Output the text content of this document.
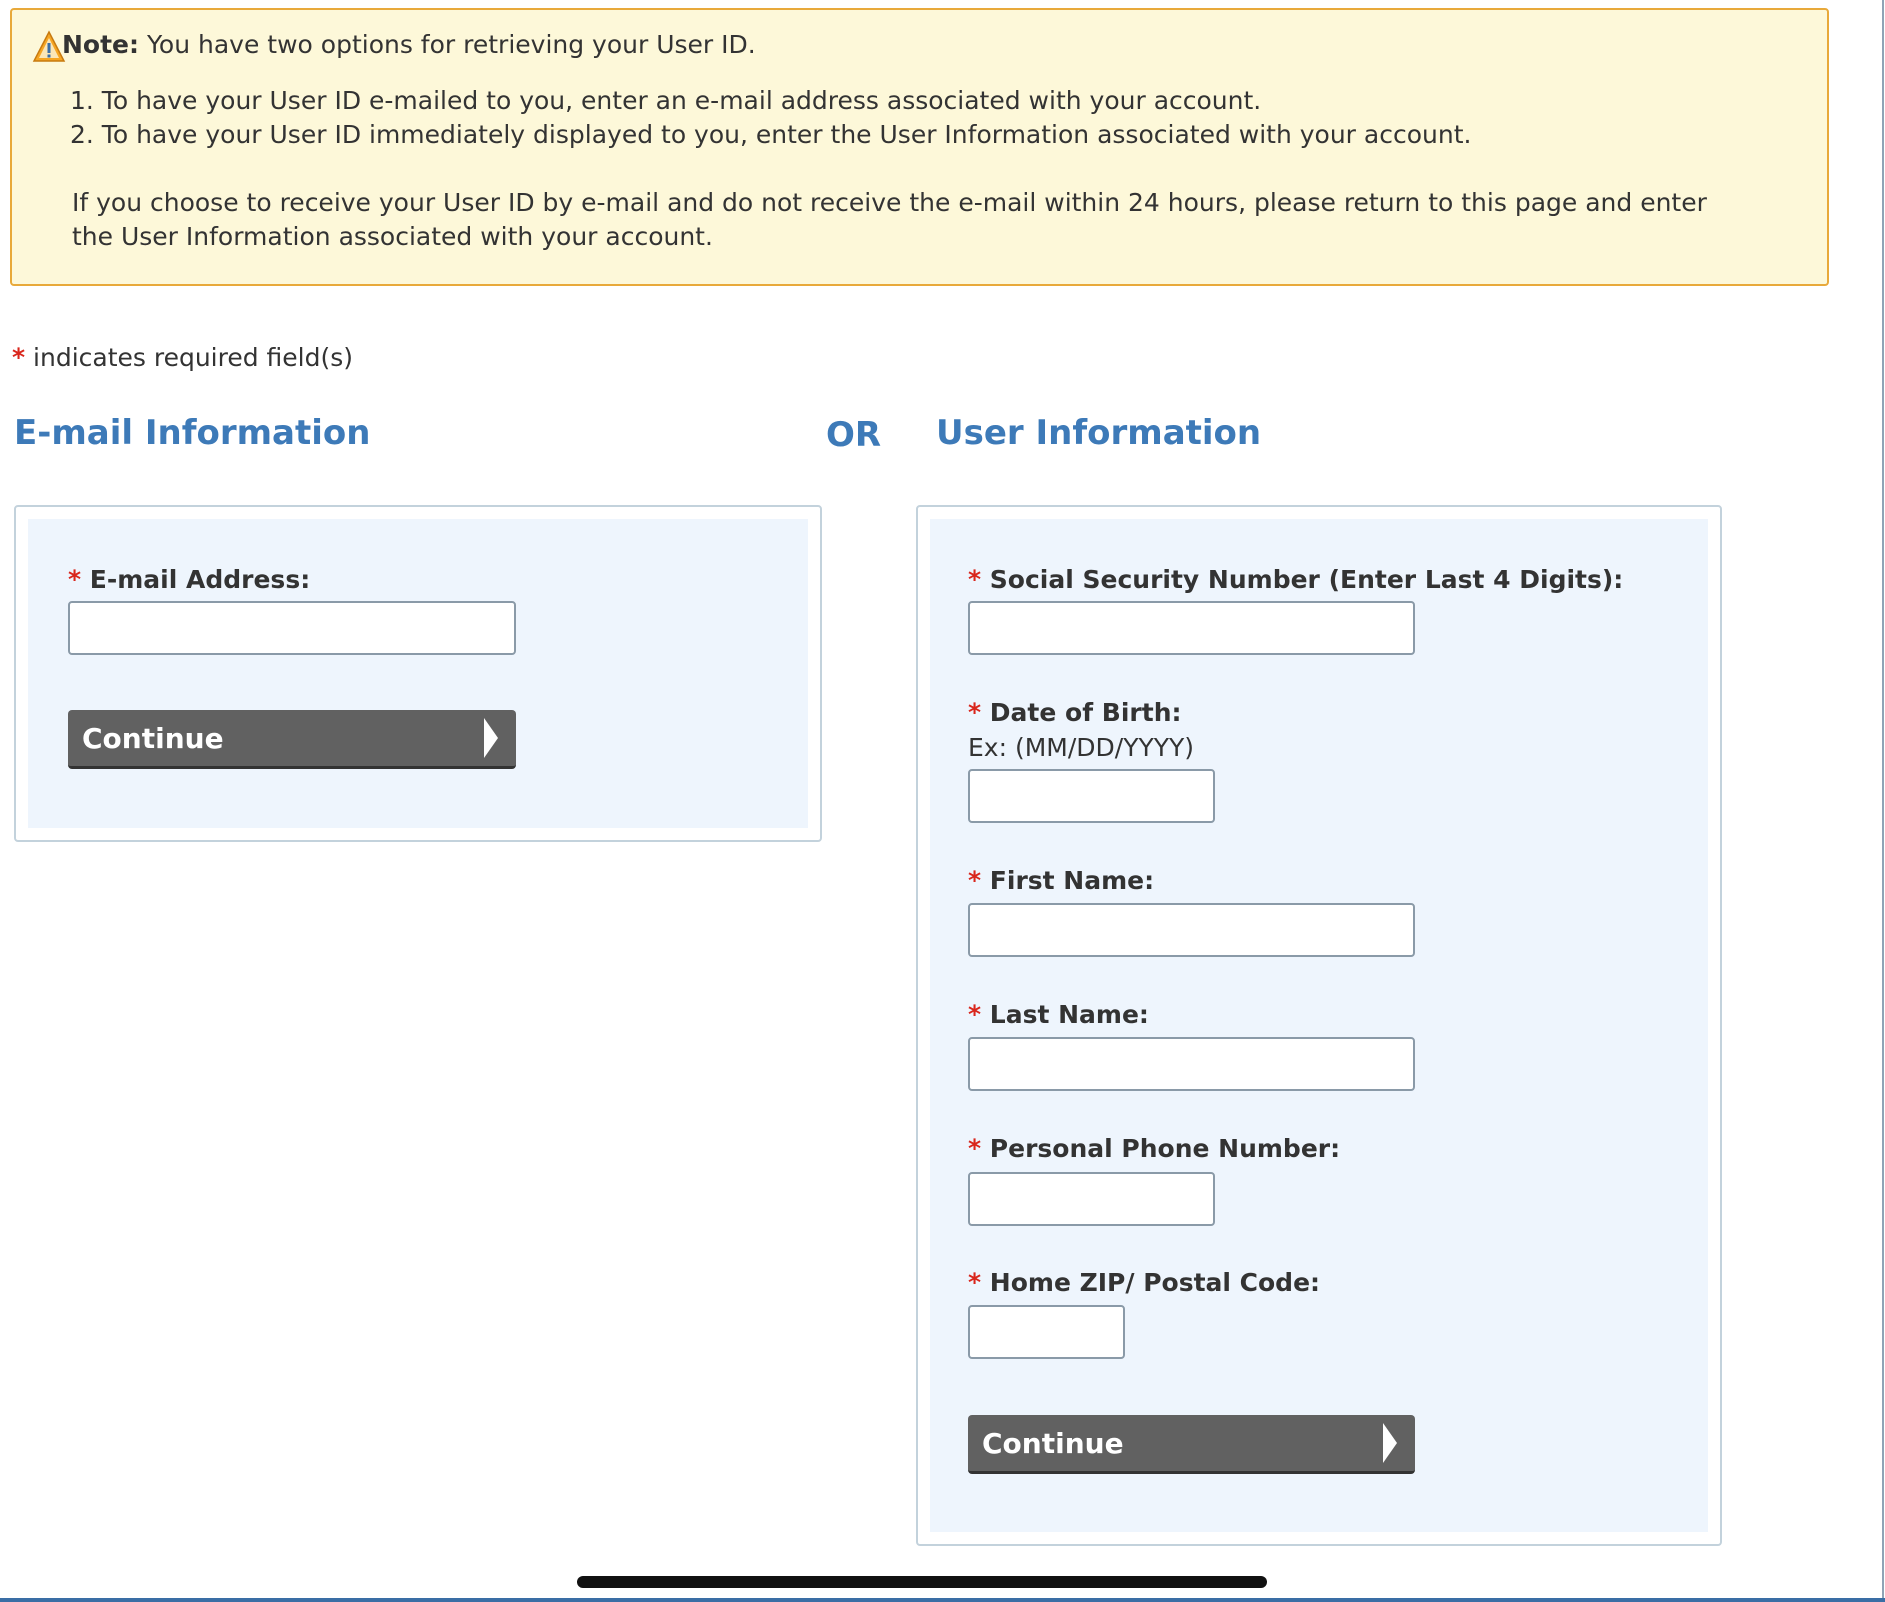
Note: You have two options for retrieving your User ID.
1. To have your User ID e-mailed to you, enter an e-mail address associated with your account.
2. To have your User ID immediately displayed to you, enter the User Information associated with your account.
If you choose to receive your User ID by e-mail and do not receive the e-mail within 24 hours, please return to this page and enter
the User Information associated with your account.
* indicates required field(s)
E-mail Information	OR User Information
* E-mail Address:
Continue
* Social Security Number (Enter Last 4 Digits):
* Date of Birth:
Ex: (MM/DD/YYYY)
* First Name:
* Last Name:
* Personal Phone Number:
* Home ZIP/ Postal Code:
Continue
